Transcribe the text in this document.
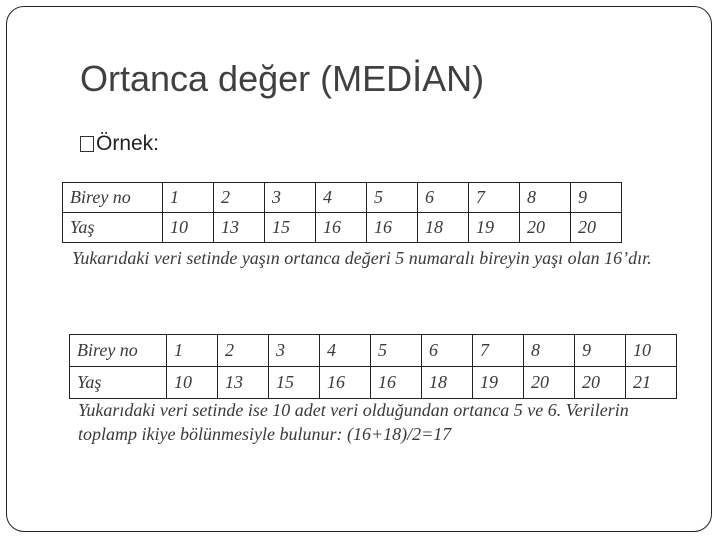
Ortanca değer (MEDİAN)
Örnek:
Birey no	1	2	3	4	5	6	7	8	9
Yaş	10	13	15	16	16	18	19	20	20
Yukarıdaki veri setinde yaşın ortanca değeri 5 numaralı bireyin yaşı olan 16’dır.
Birey no	1	2	3	4	5	6	7	8	9	10
Yaş	10	13	15	16	16	18	19	20	20	21
Yukarıdaki veri setinde ise 10 adet veri olduğundan ortanca 5 ve 6. Verilerin
toplamp ikiye bölünmesiyle bulunur: (16+18)/2=17
